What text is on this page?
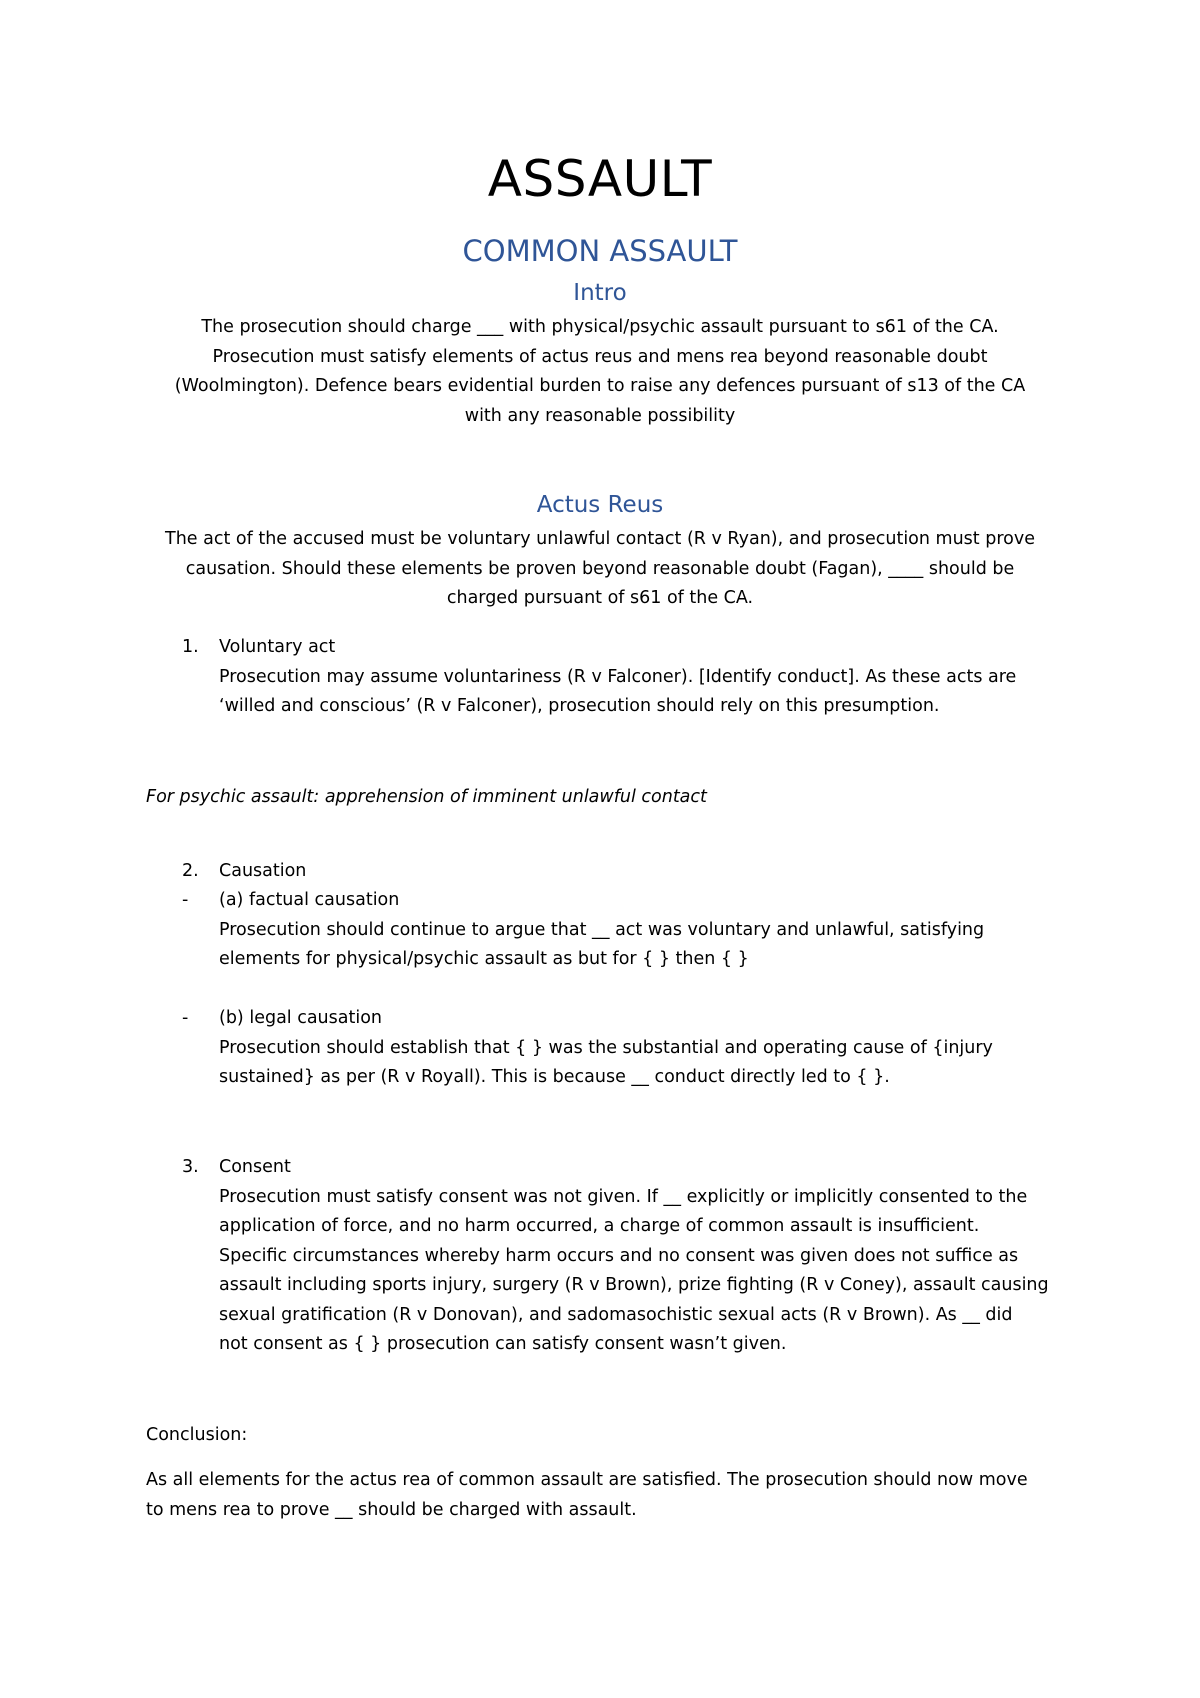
ASSAULT
COMMON ASSAULT
Intro
The prosecution should charge ___ with physical/psychic assault pursuant to s61 of the CA.
Prosecution must satisfy elements of actus reus and mens rea beyond reasonable doubt
(Woolmington). Defence bears evidential burden to raise any defences pursuant of s13 of the CA
with any reasonable possibility
Actus Reus
The act of the accused must be voluntary unlawful contact (R v Ryan), and prosecution must prove
causation. Should these elements be proven beyond reasonable doubt (Fagan), ____ should be
charged pursuant of s61 of the CA.
1. Voluntary act
Prosecution may assume voluntariness (R v Falconer). [Identify conduct]. As these acts are
‘willed and conscious’ (R v Falconer), prosecution should rely on this presumption.
For psychic assault: apprehension of imminent unlawful contact
2. Causation
- (a) factual causation
Prosecution should continue to argue that __ act was voluntary and unlawful, satisfying
elements for physical/psychic assault as but for { } then { }
- (b) legal causation
Prosecution should establish that { } was the substantial and operating cause of {injury
sustained} as per (R v Royall). This is because __ conduct directly led to { }.
3. Consent
Prosecution must satisfy consent was not given. If __ explicitly or implicitly consented to the
application of force, and no harm occurred, a charge of common assault is insufficient.
Specific circumstances whereby harm occurs and no consent was given does not suffice as
assault including sports injury, surgery (R v Brown), prize fighting (R v Coney), assault causing
sexual gratification (R v Donovan), and sadomasochistic sexual acts (R v Brown). As __ did
not consent as { } prosecution can satisfy consent wasn’t given.
Conclusion:
As all elements for the actus rea of common assault are satisfied. The prosecution should now move
to mens rea to prove __ should be charged with assault.
